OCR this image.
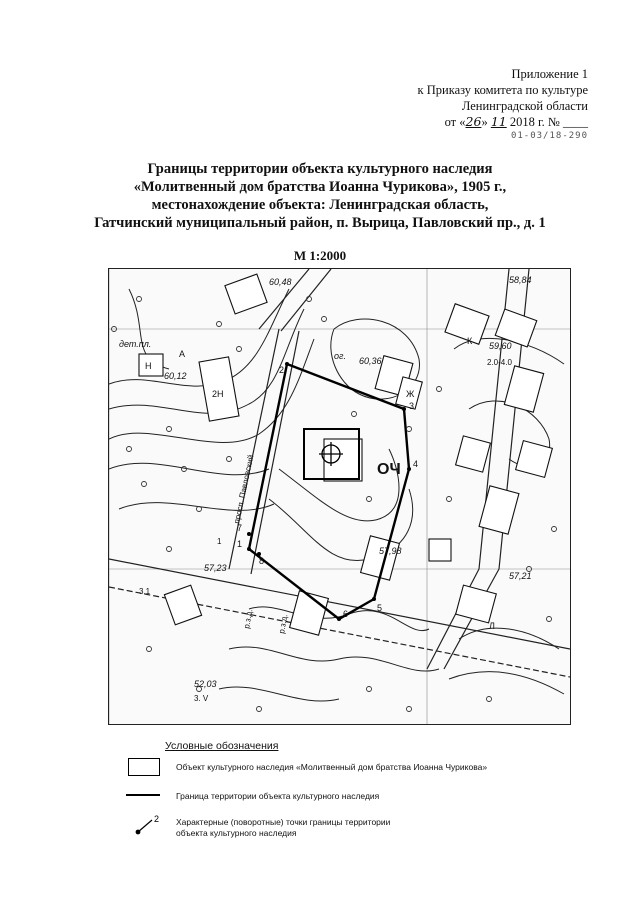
Приложение 1
к Приказу комитета по культуре
Ленинградской области
от «26» 11 2018 г. № ____
01-03/18-290
Границы территории объекта культурного наследия
«Молитвенный дом братства Иоанна Чурикова», 1905 г.,
местонахождение объекта: Ленинградская область,
Гатчинский муниципальный район, п. Вырица, Павловский пр., д. 1
М 1:2000
1
2
3
4
5
6
7
8
60,48	58,84
60,36
59,60
60,12
57,98
57,23
57,21
52,03
дет.пл.
ог.
просп. Павловский	ОЧ
2Н	Ж
Н
А
К
Л
2.0-4.0
3. V
р.з.д.	р.з.д.
3.1
1
Условные обозначения
Объект культурного наследия «Молитвенный дом братства Иоанна Чурикова»
Граница территории объекта культурного наследия
2 Характерные (поворотные) точки границы территории
объекта культурного наследия
